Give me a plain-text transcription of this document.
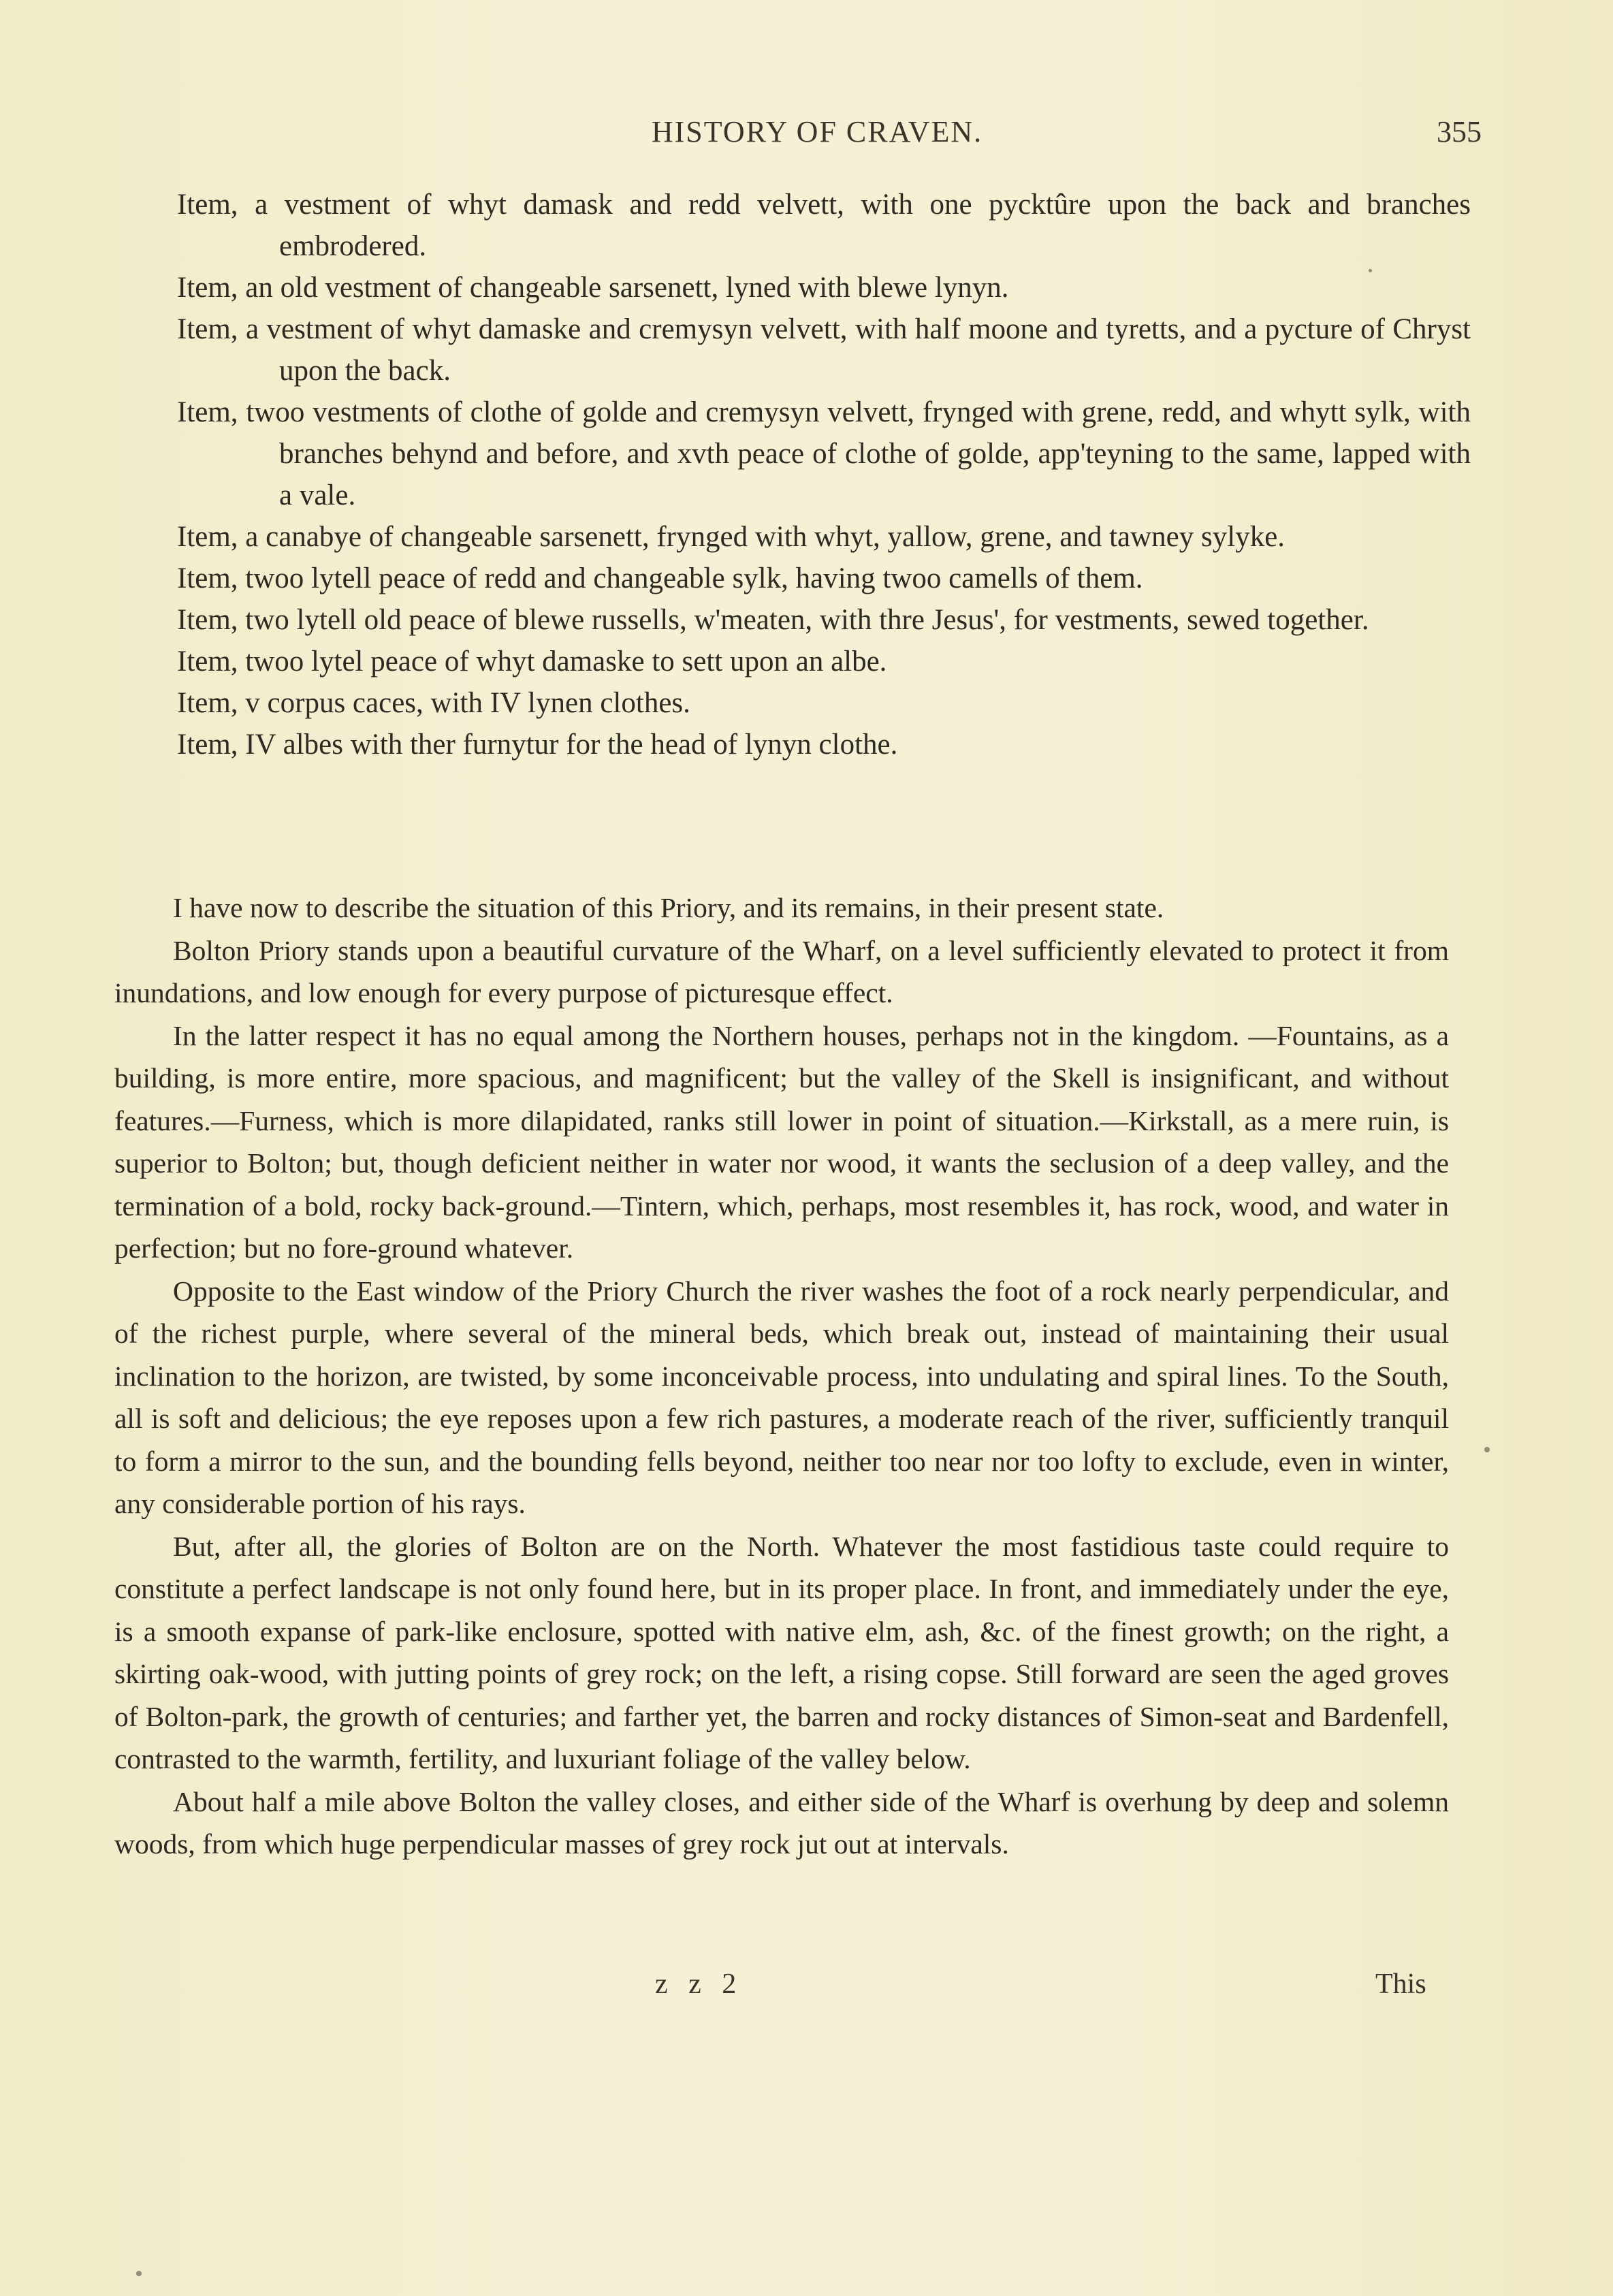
HISTORY OF CRAVEN.	355
Item, a vestment of whyt damask and redd velvett, with one pycktûre upon the back and branches embrodered.
Item, an old vestment of changeable sarsenett, lyned with blewe lynyn.
Item, a vestment of whyt damaske and cremysyn velvett, with half moone and tyretts, and a pycture of Chryst upon the back.
Item, twoo vestments of clothe of golde and cremysyn velvett, frynged with grene, redd, and whytt sylk, with branches behynd and before, and xvth peace of clothe of golde, app'teyning to the same, lapped with a vale.
Item, a canabye of changeable sarsenett, frynged with whyt, yallow, grene, and tawney sylyke.
Item, twoo lytell peace of redd and changeable sylk, having twoo camells of them.
Item, two lytell old peace of blewe russells, w'meaten, with thre Jesus', for vestments, sewed together.
Item, twoo lytel peace of whyt damaske to sett upon an albe.
Item, v corpus caces, with IV lynen clothes.
Item, IV albes with ther furnytur for the head of lynyn clothe.

I have now to describe the situation of this Priory, and its remains, in their present state.

Bolton Priory stands upon a beautiful curvature of the Wharf, on a level sufficiently elevated to protect it from inundations, and low enough for every purpose of picturesque effect.

In the latter respect it has no equal among the Northern houses, perhaps not in the kingdom. —Fountains, as a building, is more entire, more spacious, and magnificent; but the valley of the Skell is insignificant, and without features.—Furness, which is more dilapidated, ranks still lower in point of situation.—Kirkstall, as a mere ruin, is superior to Bolton; but, though deficient neither in water nor wood, it wants the seclusion of a deep valley, and the termination of a bold, rocky back-ground.—Tintern, which, perhaps, most resembles it, has rock, wood, and water in perfection; but no fore-ground whatever.

Opposite to the East window of the Priory Church the river washes the foot of a rock nearly perpendicular, and of the richest purple, where several of the mineral beds, which break out, instead of maintaining their usual inclination to the horizon, are twisted, by some inconceivable process, into undulating and spiral lines. To the South, all is soft and delicious; the eye reposes upon a few rich pastures, a moderate reach of the river, sufficiently tranquil to form a mirror to the sun, and the bounding fells beyond, neither too near nor too lofty to exclude, even in winter, any considerable portion of his rays.

But, after all, the glories of Bolton are on the North. Whatever the most fastidious taste could require to constitute a perfect landscape is not only found here, but in its proper place. In front, and immediately under the eye, is a smooth expanse of park-like enclosure, spotted with native elm, ash, &c. of the finest growth; on the right, a skirting oak-wood, with jutting points of grey rock; on the left, a rising copse. Still forward are seen the aged groves of Bolton-park, the growth of centuries; and farther yet, the barren and rocky distances of Simon-seat and Bardenfell, contrasted to the warmth, fertility, and luxuriant foliage of the valley below.

About half a mile above Bolton the valley closes, and either side of the Wharf is overhung by deep and solemn woods, from which huge perpendicular masses of grey rock jut out at intervals.

z z 2	This
